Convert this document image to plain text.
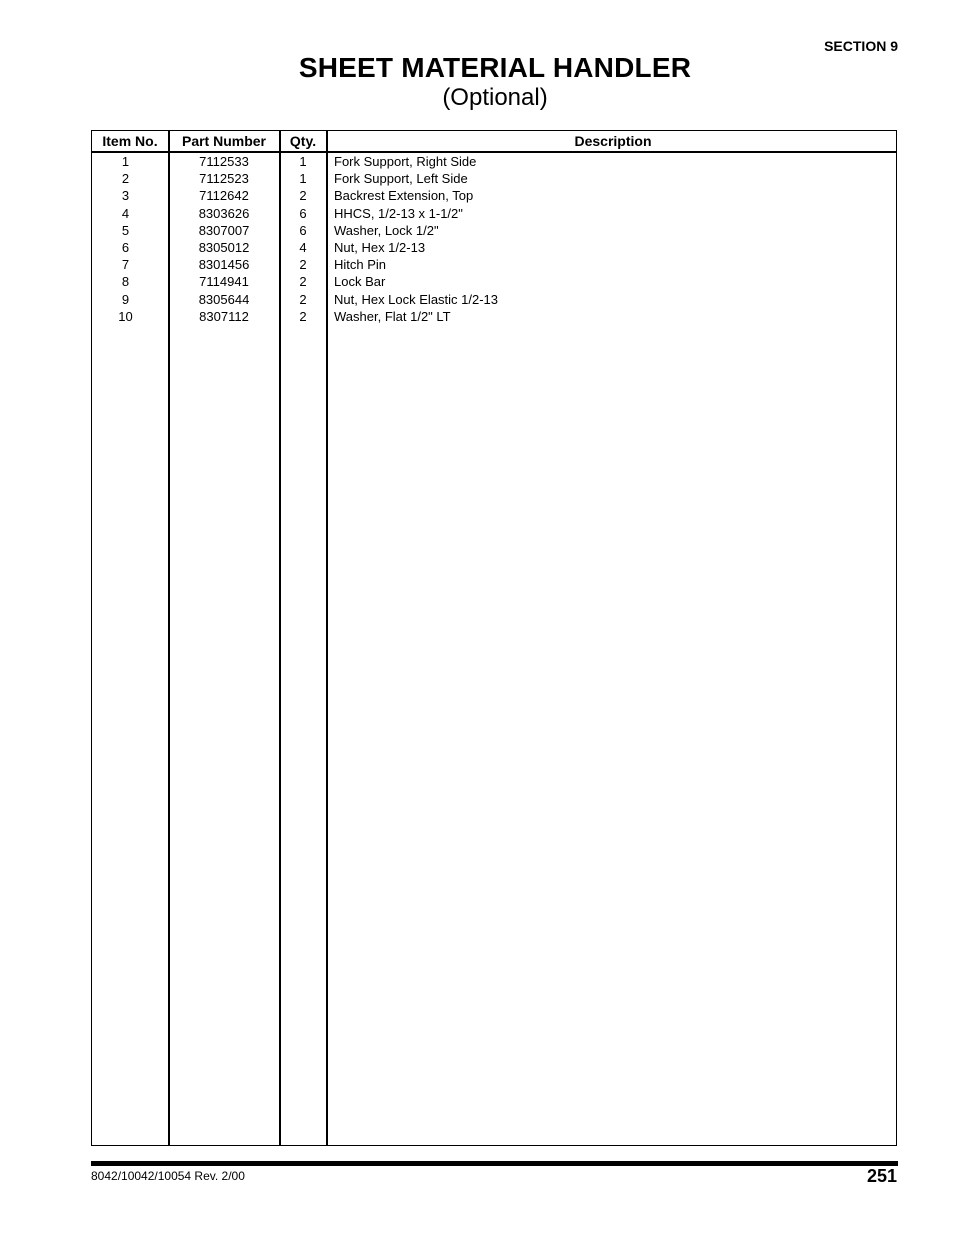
SECTION 9
SHEET MATERIAL HANDLER
(Optional)
Item No.	Part Number	Qty.	Description
1	7112533	1	Fork Support, Right Side
2	7112523	1	Fork Support, Left Side
3	7112642	2	Backrest Extension, Top
4	8303626	6	HHCS, 1/2-13 x 1-1/2"
5	8307007	6	Washer, Lock 1/2"
6	8305012	4	Nut, Hex 1/2-13
7	8301456	2	Hitch Pin
8	7114941	2	Lock Bar
9	8305644	2	Nut, Hex Lock Elastic 1/2-13
10	8307112	2	Washer, Flat 1/2" LT
8042/10042/10054 Rev. 2/00	251
